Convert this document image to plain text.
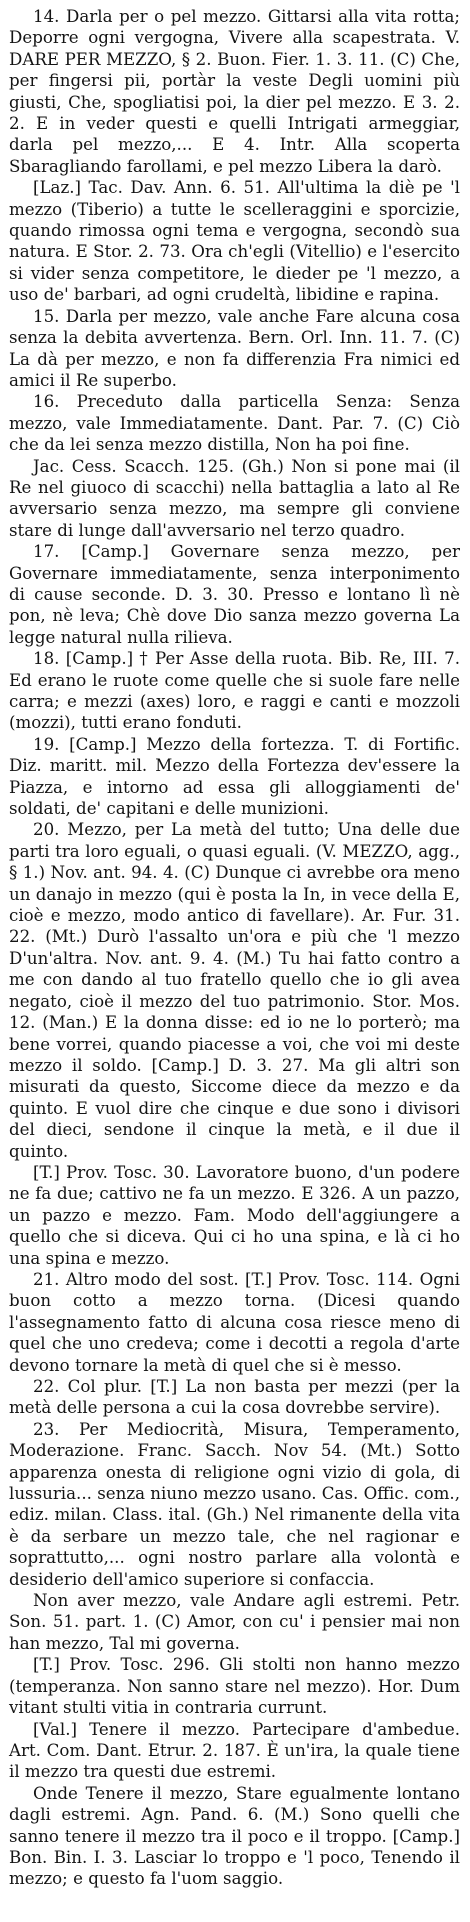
14. Darla per o pel mezzo. Gittarsi alla vita rotta; Deporre ogni vergogna, Vivere alla scapestrata. V. DARE PER MEZZO, § 2. Buon. Fier. 1. 3. 11. (C) Che, per fingersi pii, portàr la veste Degli uomini più giusti, Che, spogliatisi poi, la dier pel mezzo. E 3. 2. 2. E in veder questi e quelli Intrigati armeggiar, darla pel mezzo,... E 4. Intr. Alla scoperta Sbaragliando farollami, e pel mezzo Libera la darò.

[Laz.] Tac. Dav. Ann. 6. 51. All'ultima la diè pe 'l mezzo (Tiberio) a tutte le scelleraggini e sporcizie, quando rimossa ogni tema e vergogna, secondò sua natura. E Stor. 2. 73. Ora ch'egli (Vitellio) e l'esercito si vider senza competitore, le dieder pe 'l mezzo, a uso de' barbari, ad ogni crudeltà, libidine e rapina.

15. Darla per mezzo, vale anche Fare alcuna cosa senza la debita avvertenza. Bern. Orl. Inn. 11. 7. (C) La dà per mezzo, e non fa differenzia Fra nimici ed amici il Re superbo.

16. Preceduto dalla particella Senza: Senza mezzo, vale Immediatamente. Dant. Par. 7. (C) Ciò che da lei senza mezzo distilla, Non ha poi fine.

Jac. Cess. Scacch. 125. (Gh.) Non si pone mai (il Re nel giuoco di scacchi) nella battaglia a lato al Re avversario senza mezzo, ma sempre gli conviene stare di lunge dall'avversario nel terzo quadro.

17. [Camp.] Governare senza mezzo, per Governare immediatamente, senza interponimento di cause seconde. D. 3. 30. Presso e lontano lì nè pon, nè leva; Chè dove Dio sanza mezzo governa La legge natural nulla rilieva.

18. [Camp.] † Per Asse della ruota. Bib. Re, III. 7. Ed erano le ruote come quelle che si suole fare nelle carra; e mezzi (axes) loro, e raggi e canti e mozzoli (mozzi), tutti erano fonduti.

19. [Camp.] Mezzo della fortezza. T. di Fortific. Diz. maritt. mil. Mezzo della Fortezza dev'essere la Piazza, e intorno ad essa gli alloggiamenti de' soldati, de' capitani e delle munizioni.

20. Mezzo, per La metà del tutto; Una delle due parti tra loro eguali, o quasi eguali. (V. MEZZO, agg., § 1.) Nov. ant. 94. 4. (C) Dunque ci avrebbe ora meno un danajo in mezzo (qui è posta la In, in vece della E, cioè e mezzo, modo antico di favellare). Ar. Fur. 31. 22. (Mt.) Durò l'assalto un'ora e più che 'l mezzo D'un'altra. Nov. ant. 9. 4. (M.) Tu hai fatto contro a me con dando al tuo fratello quello che io gli avea negato, cioè il mezzo del tuo patrimonio. Stor. Mos. 12. (Man.) E la donna disse: ed io ne lo porterò; ma bene vorrei, quando piacesse a voi, che voi mi deste mezzo il soldo. [Camp.] D. 3. 27. Ma gli altri son misurati da questo, Siccome diece da mezzo e da quinto. E vuol dire che cinque e due sono i divisori del dieci, sendone il cinque la metà, e il due il quinto.

[T.] Prov. Tosc. 30. Lavoratore buono, d'un podere ne fa due; cattivo ne fa un mezzo. E 326. A un pazzo, un pazzo e mezzo. Fam. Modo dell'aggiungere a quello che si diceva. Qui ci ho una spina, e là ci ho una spina e mezzo.

21. Altro modo del sost. [T.] Prov. Tosc. 114. Ogni buon cotto a mezzo torna. (Dicesi quando l'assegnamento fatto di alcuna cosa riesce meno di quel che uno credeva; come i decotti a regola d'arte devono tornare la metà di quel che si è messo.

22. Col plur. [T.] La non basta per mezzi (per la metà delle persona a cui la cosa dovrebbe servire).

23. Per Mediocrità, Misura, Temperamento, Moderazione. Franc. Sacch. Nov 54. (Mt.) Sotto apparenza onesta di religione ogni vizio di gola, di lussuria... senza niuno mezzo usano. Cas. Offic. com., ediz. milan. Class. ital. (Gh.) Nel rimanente della vita è da serbare un mezzo tale, che nel ragionar e soprattutto,... ogni nostro parlare alla volontà e desiderio dell'amico superiore si confaccia.

Non aver mezzo, vale Andare agli estremi. Petr. Son. 51. part. 1. (C) Amor, con cu' i pensier mai non han mezzo, Tal mi governa.

[T.] Prov. Tosc. 296. Gli stolti non hanno mezzo (temperanza. Non sanno stare nel mezzo). Hor. Dum vitant stulti vitia in contraria currunt.

[Val.] Tenere il mezzo. Partecipare d'ambedue. Art. Com. Dant. Etrur. 2. 187. È un'ira, la quale tiene il mezzo tra questi due estremi.

Onde Tenere il mezzo, Stare egualmente lontano dagli estremi. Agn. Pand. 6. (M.) Sono quelli che sanno tenere il mezzo tra il poco e il troppo. [Camp.] Bon. Bin. I. 3. Lasciar lo troppo e 'l poco, Tenendo il mezzo; e questo fa l'uom saggio.
